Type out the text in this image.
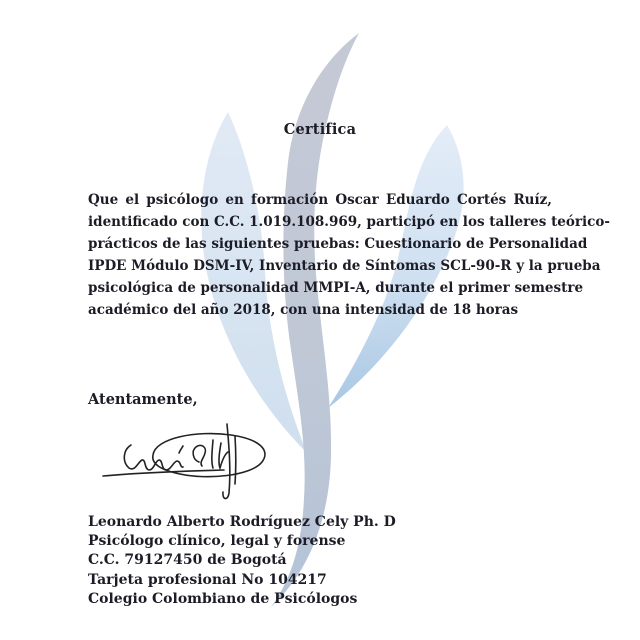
Certifica
Que el psicólogo en formación Oscar Eduardo Cortés Ruíz,
identificado con C.C. 1.019.108.969, participó en los talleres teórico-
prácticos de las siguientes pruebas: Cuestionario de Personalidad
IPDE Módulo DSM-IV, Inventario de Síntomas SCL-90-R y la prueba
psicológica de personalidad MMPI-A, durante el primer semestre
académico del año 2018, con una intensidad de 18 horas
Atentamente,
Leonardo Alberto Rodríguez Cely Ph. D
Psicólogo clínico, legal y forense
C.C. 79127450 de Bogotá
Tarjeta profesional No 104217
Colegio Colombiano de Psicólogos
